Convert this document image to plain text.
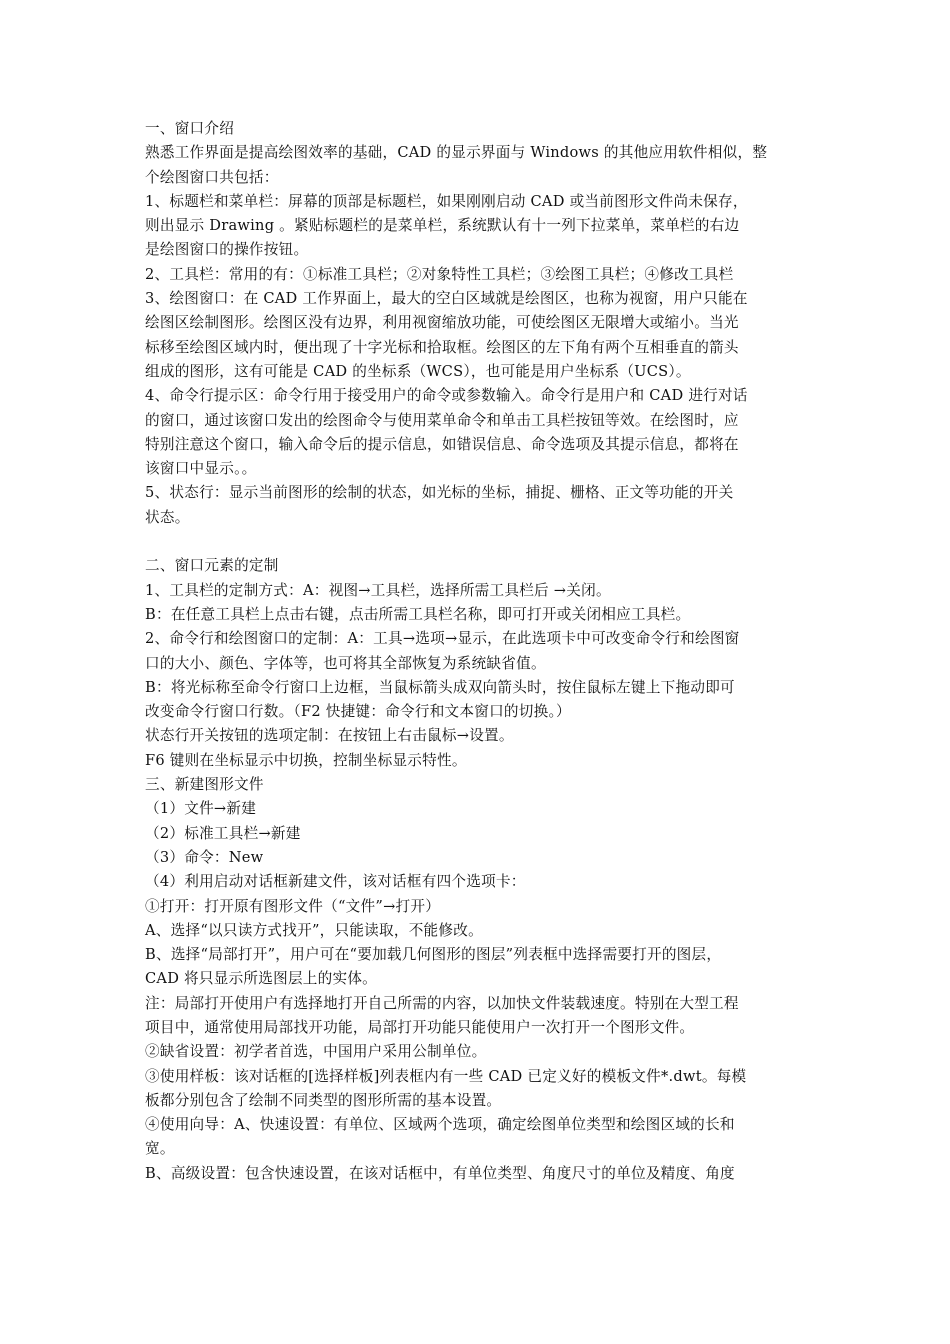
一、窗口介绍
熟悉工作界面是提高绘图效率的基础，CAD 的显示界面与 Windows 的其他应用软件相似，整
个绘图窗口共包括：
1、标题栏和菜单栏：屏幕的顶部是标题栏，如果刚刚启动 CAD 或当前图形文件尚未保存，
则出显示 Drawing 。紧贴标题栏的是菜单栏，系统默认有十一列下拉菜单，菜单栏的右边
是绘图窗口的操作按钮。
2、工具栏：常用的有：①标准工具栏；②对象特性工具栏；③绘图工具栏；④修改工具栏
3、绘图窗口：在 CAD 工作界面上，最大的空白区域就是绘图区，也称为视窗，用户只能在
绘图区绘制图形。绘图区没有边界，利用视窗缩放功能，可使绘图区无限增大或缩小。当光
标移至绘图区域内时，便出现了十字光标和拾取框。绘图区的左下角有两个互相垂直的箭头
组成的图形，这有可能是 CAD 的坐标系（WCS），也可能是用户坐标系（UCS）。
4、命令行提示区：命令行用于接受用户的命令或参数输入。命令行是用户和 CAD 进行对话
的窗口，通过该窗口发出的绘图命令与使用菜单命令和单击工具栏按钮等效。在绘图时，应
特别注意这个窗口，输入命令后的提示信息，如错误信息、命令选项及其提示信息，都将在
该窗口中显示。。
5、状态行：显示当前图形的绘制的状态，如光标的坐标，捕捉、栅格、正文等功能的开关
状态。
二、窗口元素的定制
1、工具栏的定制方式：A：视图→工具栏，选择所需工具栏后 →关闭。
B：在任意工具栏上点击右键，点击所需工具栏名称，即可打开或关闭相应工具栏。
2、命令行和绘图窗口的定制：A：工具→选项→显示，在此选项卡中可改变命令行和绘图窗
口的大小、颜色、字体等，也可将其全部恢复为系统缺省值。
B：将光标称至命令行窗口上边框，当鼠标箭头成双向箭头时，按住鼠标左键上下拖动即可
改变命令行窗口行数。（F2 快捷键：命令行和文本窗口的切换。）
状态行开关按钮的选项定制：在按钮上右击鼠标→设置。
F6 键则在坐标显示中切换，控制坐标显示特性。
三、新建图形文件
（1）文件→新建
（2）标准工具栏→新建
（3）命令：New
（4）利用启动对话框新建文件，该对话框有四个选项卡：
①打开：打开原有图形文件（“文件”→打开）
A、选择“以只读方式找开”，只能读取，不能修改。
B、选择“局部打开”，用户可在“要加载几何图形的图层”列表框中选择需要打开的图层，
CAD 将只显示所选图层上的实体。
注：局部打开使用户有选择地打开自己所需的内容，以加快文件装载速度。特别在大型工程
项目中，通常使用局部找开功能，局部打开功能只能使用户一次打开一个图形文件。
②缺省设置：初学者首选，中国用户采用公制单位。
③使用样板：该对话框的[选择样板]列表框内有一些 CAD 已定义好的模板文件*.dwt。每模
板都分别包含了绘制不同类型的图形所需的基本设置。
④使用向导：A、快速设置：有单位、区域两个选项，确定绘图单位类型和绘图区域的长和
宽。
B、高级设置：包含快速设置，在该对话框中，有单位类型、角度尺寸的单位及精度、角度
